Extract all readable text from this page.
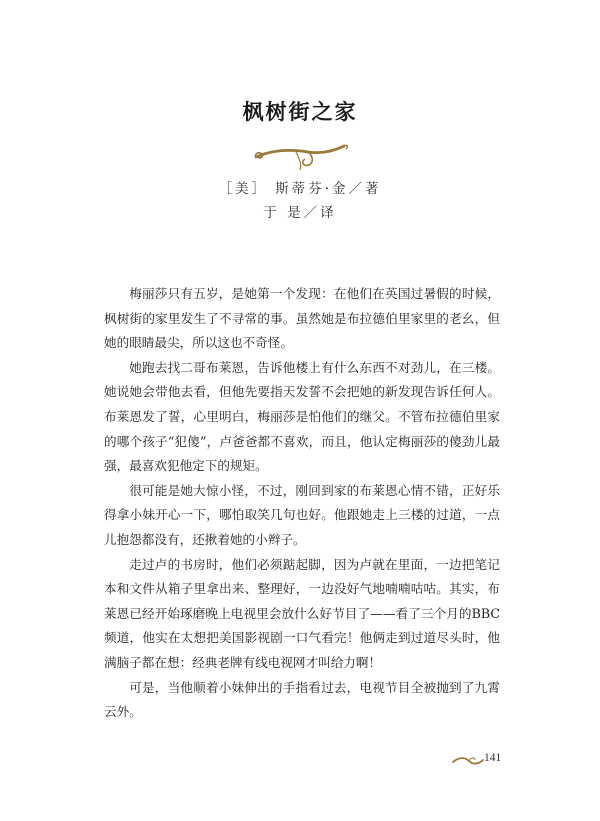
枫树街之家
［美］ 斯蒂芬·金／著
于 是／译

梅丽莎只有五岁，是她第一个发现：在他们在英国过暑假的时候，枫树街的家里发生了不寻常的事。虽然她是布拉德伯里家里的老幺，但她的眼睛最尖，所以这也不奇怪。

她跑去找二哥布莱恩，告诉他楼上有什么东西不对劲儿，在三楼。她说她会带他去看，但他先要指天发誓不会把她的新发现告诉任何人。布莱恩发了誓，心里明白，梅丽莎是怕他们的继父。不管布拉德伯里家的哪个孩子“犯傻”，卢爸爸都不喜欢，而且，他认定梅丽莎的傻劲儿最强，最喜欢犯他定下的规矩。

很可能是她大惊小怪，不过，刚回到家的布莱恩心情不错，正好乐得拿小妹开心一下，哪怕取笑几句也好。他跟她走上三楼的过道，一点儿抱怨都没有，还揪着她的小辫子。

走过卢的书房时，他们必须踮起脚，因为卢就在里面，一边把笔记本和文件从箱子里拿出来、整理好，一边没好气地喃喃咕咕。其实，布莱恩已经开始琢磨晚上电视里会放什么好节目了——看了三个月的BBC频道，他实在太想把美国影视剧一口气看完！他俩走到过道尽头时，他满脑子都在想：经典老牌有线电视网才叫给力啊！

可是，当他顺着小妹伸出的手指看过去，电视节目全被抛到了九霄云外。

141
